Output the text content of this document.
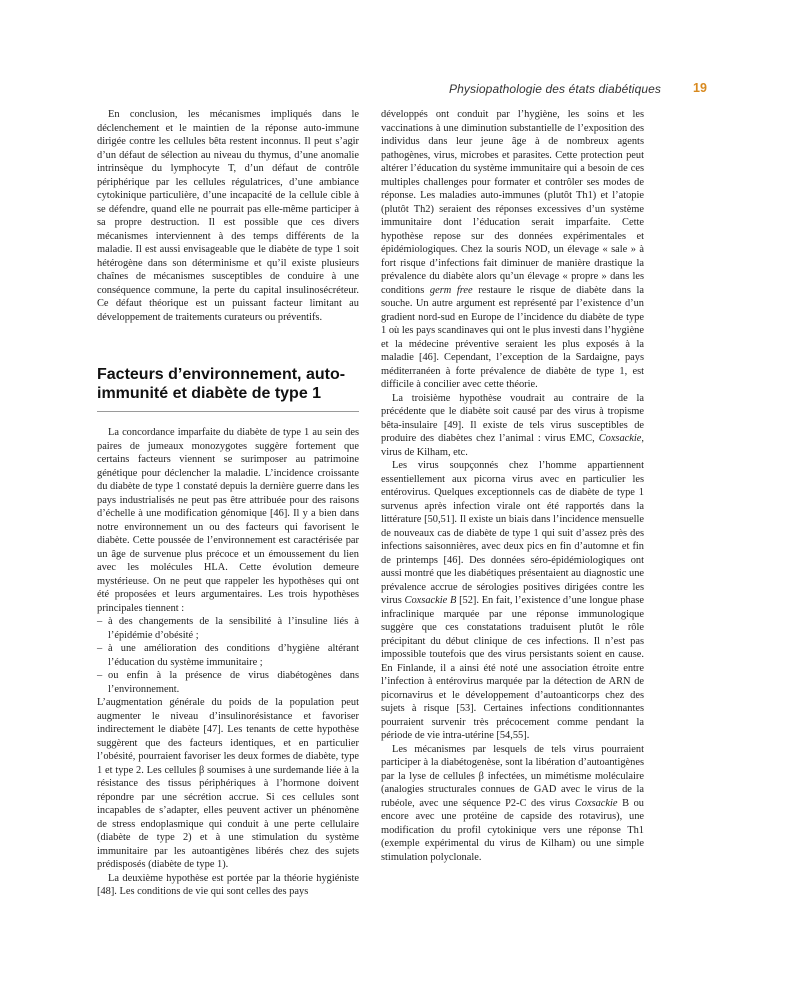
Physiopathologie des états diabétiques	19

En conclusion, les mécanismes impliqués dans le déclenchement et le maintien de la réponse auto-immune dirigée contre les cellules bêta restent inconnus. Il peut s’agir d’un défaut de sélection au niveau du thymus, d’une anomalie intrinsèque du lymphocyte T, d’un défaut de contrôle périphérique par les cellules régulatrices, d’une ambiance cytokinique particulière, d’une incapacité de la cellule cible à se défendre, quand elle ne pourrait pas elle-même participer à sa propre destruction. Il est possible que ces divers mécanismes interviennent à des temps différents de la maladie. Il est aussi envisageable que le diabète de type 1 soit hétérogène dans son déterminisme et qu’il existe plusieurs chaînes de mécanismes susceptibles de conduire à une conséquence commune, la perte du capital insulinosécréteur. Ce défaut théorique est un puissant facteur limitant au développement de traitements curateurs ou préventifs.

Facteurs d’environnement, auto-immunité et diabète de type 1

La concordance imparfaite du diabète de type 1 au sein des paires de jumeaux monozygotes suggère fortement que certains facteurs viennent se surimposer au patrimoine génétique pour déclencher la maladie. L’incidence croissante du diabète de type 1 constaté depuis la dernière guerre dans les pays industrialisés ne peut pas être attribuée pour des raisons d’échelle à une modification génomique [46]. Il y a bien dans notre environnement un ou des facteurs qui favorisent le diabète. Cette poussée de l’environnement est caractérisée par un âge de survenue plus précoce et un émoussement du lien avec les molécules HLA. Cette évolution demeure mystérieuse. On ne peut que rappeler les hypothèses qui ont été proposées et leurs argumentaires. Les trois hypothèses principales tiennent :

– à des changements de la sensibilité à l’insuline liés à l’épidémie d’obésité ;
– à une amélioration des conditions d’hygiène altérant l’éducation du système immunitaire ;
– ou enfin à la présence de virus diabétogènes dans l’environnement.

L’augmentation générale du poids de la population peut augmenter le niveau d’insulinorésistance et favoriser indirectement le diabète [47]. Les tenants de cette hypothèse suggèrent que des facteurs identiques, et en particulier l’obésité, pourraient favoriser les deux formes de diabète, type 1 et type 2. Les cellules β soumises à une surdemande liée à la résistance des tissus périphériques à l’hormone doivent répondre par une sécrétion accrue. Si ces cellules sont incapables de s’adapter, elles peuvent activer un phénomène de stress endoplasmique qui conduit à une perte cellulaire (diabète de type 2) et à une stimulation du système immunitaire par les autoantigènes libérés chez des sujets prédisposés (diabète de type 1).

La deuxième hypothèse est portée par la théorie hygiéniste [48]. Les conditions de vie qui sont celles des pays

développés ont conduit par l’hygiène, les soins et les vaccinations à une diminution substantielle de l’exposition des individus dans leur jeune âge à de nombreux agents pathogènes, virus, microbes et parasites. Cette protection peut altérer l’éducation du système immunitaire qui a besoin de ces multiples challenges pour formater et contrôler ses modes de réponse. Les maladies auto-immunes (plutôt Th1) et l’atopie (plutôt Th2) seraient des réponses excessives d’un système immunitaire dont l’éducation serait imparfaite. Cette hypothèse repose sur des données expérimentales et épidémiologiques. Chez la souris NOD, un élevage « sale » à fort risque d’infections fait diminuer de manière drastique la prévalence du diabète alors qu’un élevage « propre » dans les conditions germ free restaure le risque de diabète dans la souche. Un autre argument est représenté par l’existence d’un gradient nord-sud en Europe de l’incidence du diabète de type 1 où les pays scandinaves qui ont le plus investi dans l’hygiène et la médecine préventive seraient les plus exposés à la maladie [46]. Cependant, l’exception de la Sardaigne, pays méditerranéen à forte prévalence de diabète de type 1, est difficile à concilier avec cette théorie.

La troisième hypothèse voudrait au contraire de la précédente que le diabète soit causé par des virus à tropisme bêta-insulaire [49]. Il existe de tels virus susceptibles de produire des diabètes chez l’animal : virus EMC, Coxsackie, virus de Kilham, etc.

Les virus soupçonnés chez l’homme appartiennent essentiellement aux picorna virus avec en particulier les entérovirus. Quelques exceptionnels cas de diabète de type 1 survenus après infection virale ont été rapportés dans la littérature [50,51]. Il existe un biais dans l’incidence mensuelle de nouveaux cas de diabète de type 1 qui suit d’assez près des infections saisonnières, avec deux pics en fin d’automne et fin de printemps [46]. Des données séro-épidémiologiques ont aussi montré que les diabétiques présentaient au diagnostic une prévalence accrue de sérologies positives dirigées contre les virus Coxsackie B [52]. En fait, l’existence d’une longue phase infraclinique marquée par une réponse immunologique suggère que ces constatations traduisent plutôt le rôle précipitant du début clinique de ces infections. Il n’est pas impossible toutefois que des virus persistants soient en cause. En Finlande, il a ainsi été noté une association étroite entre l’infection à entérovirus marquée par la détection de ARN de picornavirus et le développement d’autoanticorps chez des sujets à risque [53]. Certaines infections conditionnantes pourraient survenir très précocement comme pendant la période de vie intra-utérine [54,55].

Les mécanismes par lesquels de tels virus pourraient participer à la diabétogenèse, sont la libération d’autoantigènes par la lyse de cellules β infectées, un mimétisme moléculaire (analogies structurales connues de GAD avec le virus de la rubéole, avec une séquence P2-C des virus Coxsackie B ou encore avec une protéine de capside des rotavirus), une modification du profil cytokinique vers une réponse Th1 (exemple expérimental du virus de Kilham) ou une simple stimulation polyclonale.
